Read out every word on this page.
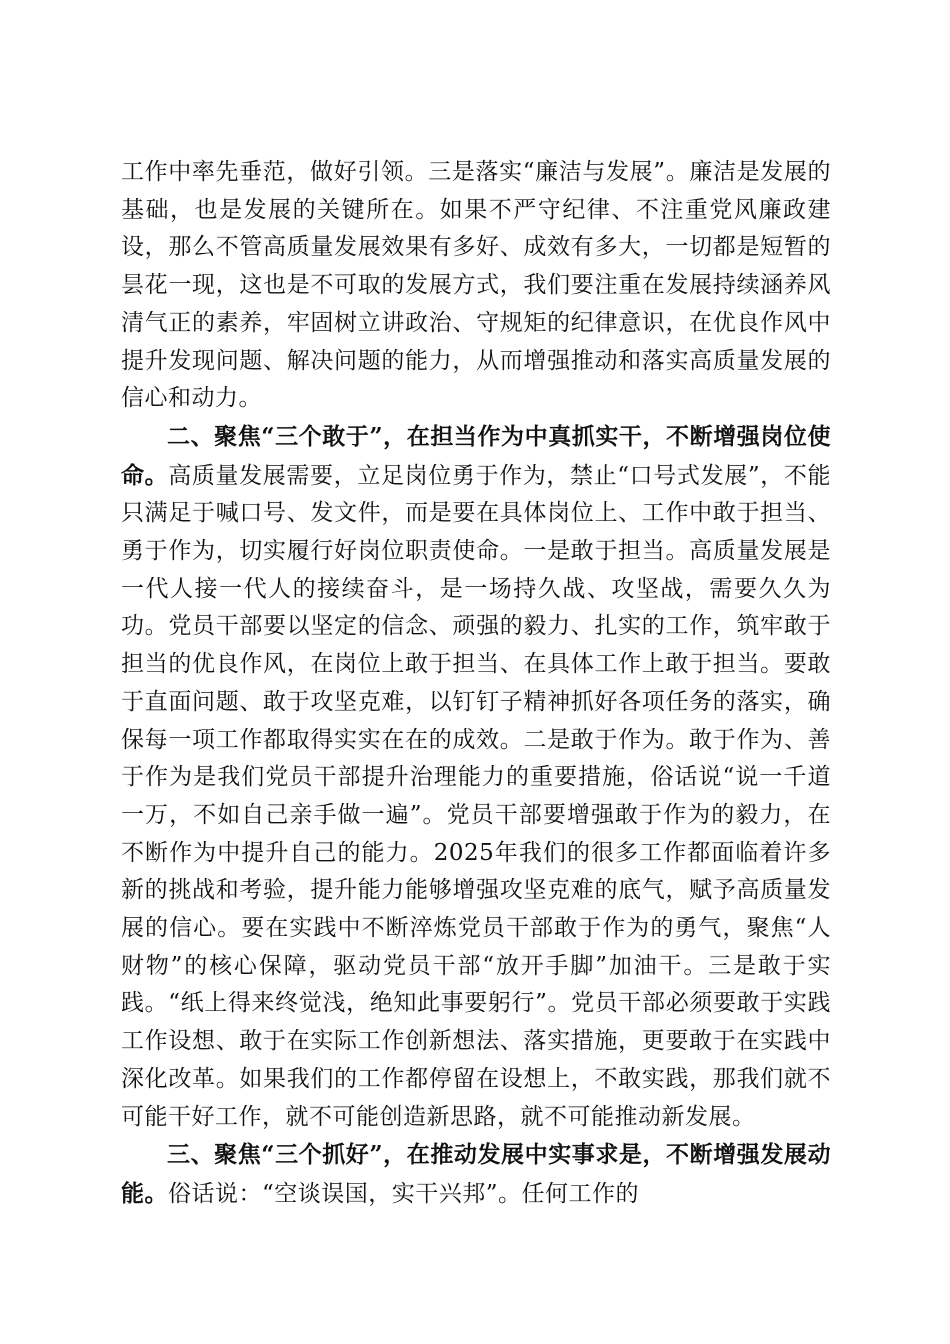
工作中率先垂范，做好引领。三是落实“廉洁与发展”。廉洁是发展的基础，也是发展的关键所在。如果不严守纪律、不注重党风廉政建设，那么不管高质量发展效果有多好、成效有多大，一切都是短暂的昙花一现，这也是不可取的发展方式，我们要注重在发展持续涵养风清气正的素养，牢固树立讲政治、守规矩的纪律意识，在优良作风中提升发现问题、解决问题的能力，从而增强推动和落实高质量发展的信心和动力。

二、聚焦“三个敢于”，在担当作为中真抓实干，不断增强岗位使命。高质量发展需要，立足岗位勇于作为，禁止“口号式发展”，不能只满足于喊口号、发文件，而是要在具体岗位上、工作中敢于担当、勇于作为，切实履行好岗位职责使命。一是敢于担当。高质量发展是一代人接一代人的接续奋斗，是一场持久战、攻坚战，需要久久为功。党员干部要以坚定的信念、顽强的毅力、扎实的工作，筑牢敢于担当的优良作风，在岗位上敢于担当、在具体工作上敢于担当。要敢于直面问题、敢于攻坚克难，以钉钉子精神抓好各项任务的落实，确保每一项工作都取得实实在在的成效。二是敢于作为。敢于作为、善于作为是我们党员干部提升治理能力的重要措施，俗话说“说一千道一万，不如自己亲手做一遍”。党员干部要增强敢于作为的毅力，在不断作为中提升自己的能力。2025年我们的很多工作都面临着许多新的挑战和考验，提升能力能够增强攻坚克难的底气，赋予高质量发展的信心。要在实践中不断淬炼党员干部敢于作为的勇气，聚焦“人财物”的核心保障，驱动党员干部“放开手脚”加油干。三是敢于实践。“纸上得来终觉浅，绝知此事要躬行”。党员干部必须要敢于实践工作设想、敢于在实际工作创新想法、落实措施，更要敢于在实践中深化改革。如果我们的工作都停留在设想上，不敢实践，那我们就不可能干好工作，就不可能创造新思路，就不可能推动新发展。

三、聚焦“三个抓好”，在推动发展中实事求是，不断增强发展动能。俗话说：“空谈误国，实干兴邦”。任何工作的
